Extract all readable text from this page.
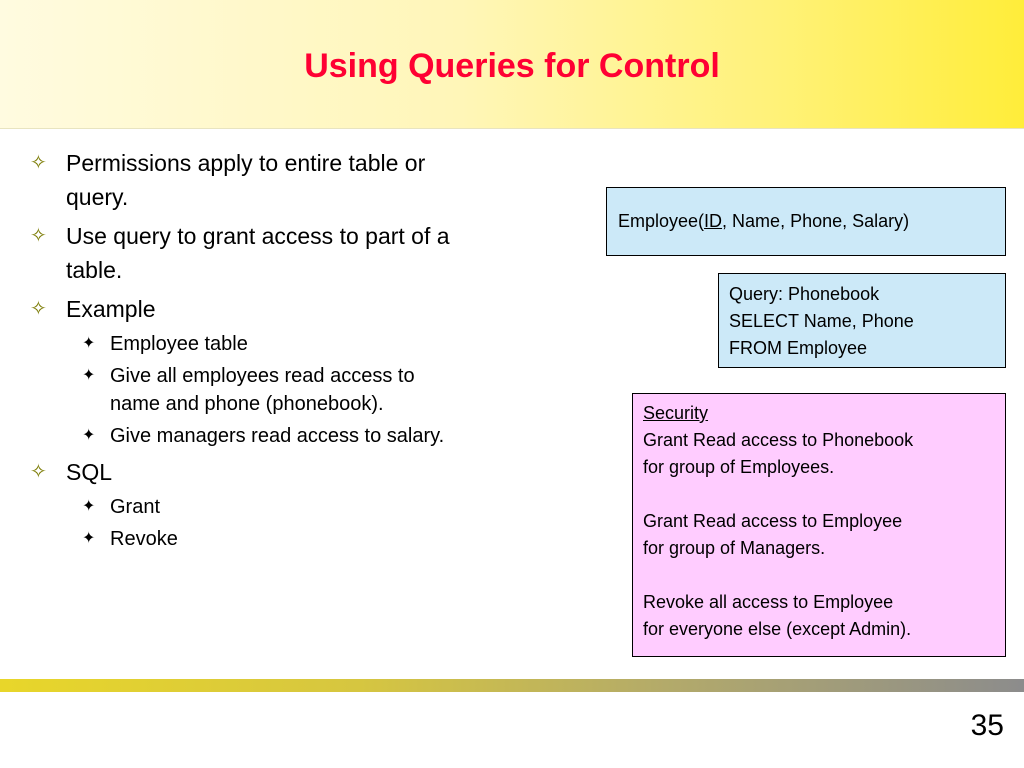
Using Queries for Control
✧ Permissions apply to entire table or
query.
✧ Use query to grant access to part of a
table.
✧ Example
✦ Employee table
✦ Give all employees read access to
name and phone (phonebook).
✦ Give managers read access to salary.
✧ SQL
✦ Grant
✦ Revoke
Employee(ID, Name, Phone, Salary)
Query: Phonebook
SELECT Name, Phone
FROM Employee
Security
Grant Read access to Phonebook
for group of Employees.
Grant Read access to Employee
for group of Managers.
Revoke all access to Employee
for everyone else (except Admin).
35
